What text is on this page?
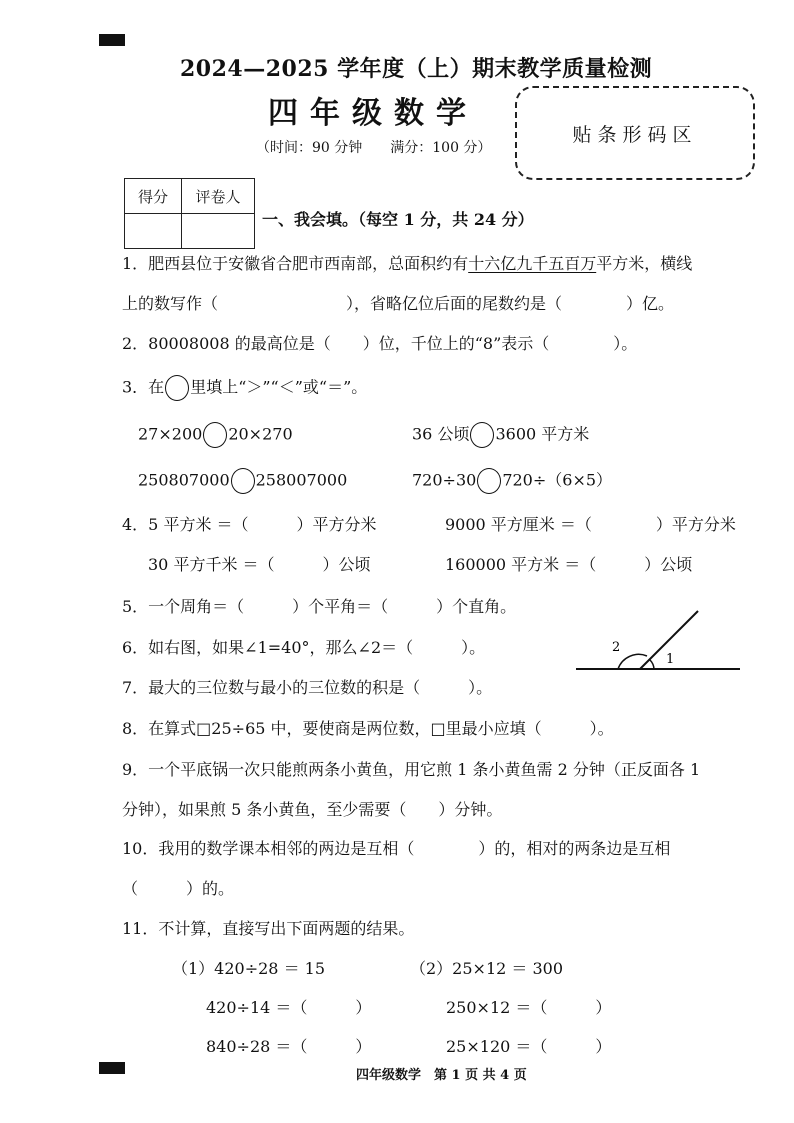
2024—2025 学年度（上）期末教学质量检测
四年级数学
（时间：90 分钟　　满分：100 分）
贴条形码区
得分	评卷人

一、我会填。（每空 1 分，共 24 分）
1．肥西县位于安徽省合肥市西南部，总面积约有十六亿九千五百万平方米，横线
上的数写作（　　　　　　　　），省略亿位后面的尾数约是（　　　　）亿。
2．80008008 的最高位是（　　）位，千位上的“8”表示（　　　　）。
3．在 里填上“＞”“＜”或“＝”。
27×200 20×270	36 公顷 3600 平方米
250807000 258007000	720÷30 720÷（6×5）
4．5 平方米 ＝（　　　）平方分米	9000 平方厘米 ＝（　　　　）平方分米
30 平方千米 ＝（　　　）公顷	160000 平方米 ＝（　　　）公顷
5．一个周角＝（　　　）个平角＝（　　　）个直角。
6．如右图，如果∠1=40°，那么∠2＝（　　　）。	2
1
7．最大的三位数与最小的三位数的积是（　　　）。
8．在算式□25÷65 中，要使商是两位数，□里最小应填（　　　）。
9．一个平底锅一次只能煎两条小黄鱼，用它煎 1 条小黄鱼需 2 分钟（正反面各 1
分钟），如果煎 5 条小黄鱼，至少需要（　　）分钟。
10．我用的数学课本相邻的两边是互相（　　　　）的，相对的两条边是互相
（　　　）的。
11．不计算，直接写出下面两题的结果。
（1）420÷28 ＝ 15	（2）25×12 ＝ 300
420÷14 ＝（　　　）	250×12 ＝（　　　）
840÷28 ＝（　　　）	25×120 ＝（　　　）
四年级数学　第 1 页 共 4 页
